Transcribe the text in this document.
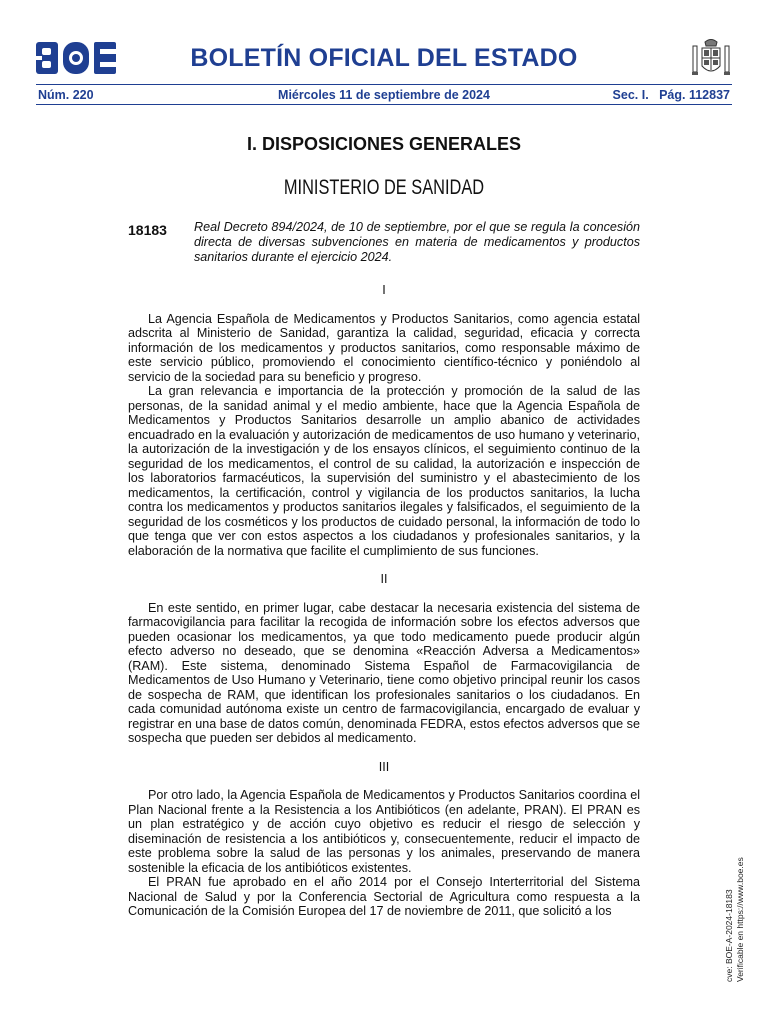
BOLETÍN OFICIAL DEL ESTADO
Núm. 220	Miércoles 11 de septiembre de 2024	Sec. I.   Pág. 112837
I. DISPOSICIONES GENERALES
MINISTERIO DE SANIDAD
18183 Real Decreto 894/2024, de 10 de septiembre, por el que se regula la concesión directa de diversas subvenciones en materia de medicamentos y productos sanitarios durante el ejercicio 2024.
I

La Agencia Española de Medicamentos y Productos Sanitarios, como agencia estatal adscrita al Ministerio de Sanidad, garantiza la calidad, seguridad, eficacia y correcta información de los medicamentos y productos sanitarios, como responsable máximo de este servicio público, promoviendo el conocimiento científico-técnico y poniéndolo al servicio de la sociedad para su beneficio y progreso.

La gran relevancia e importancia de la protección y promoción de la salud de las personas, de la sanidad animal y el medio ambiente, hace que la Agencia Española de Medicamentos y Productos Sanitarios desarrolle un amplio abanico de actividades encuadrado en la evaluación y autorización de medicamentos de uso humano y veterinario, la autorización de la investigación y de los ensayos clínicos, el seguimiento continuo de la seguridad de los medicamentos, el control de su calidad, la autorización e inspección de los laboratorios farmacéuticos, la supervisión del suministro y el abastecimiento de los medicamentos, la certificación, control y vigilancia de los productos sanitarios, la lucha contra los medicamentos y productos sanitarios ilegales y falsificados, el seguimiento de la seguridad de los cosméticos y los productos de cuidado personal, la información de todo lo que tenga que ver con estos aspectos a los ciudadanos y profesionales sanitarios, y la elaboración de la normativa que facilite el cumplimiento de sus funciones.

II

En este sentido, en primer lugar, cabe destacar la necesaria existencia del sistema de farmacovigilancia para facilitar la recogida de información sobre los efectos adversos que pueden ocasionar los medicamentos, ya que todo medicamento puede producir algún efecto adverso no deseado, que se denomina «Reacción Adversa a Medicamentos» (RAM). Este sistema, denominado Sistema Español de Farmacovigilancia de Medicamentos de Uso Humano y Veterinario, tiene como objetivo principal reunir los casos de sospecha de RAM, que identifican los profesionales sanitarios o los ciudadanos. En cada comunidad autónoma existe un centro de farmacovigilancia, encargado de evaluar y registrar en una base de datos común, denominada FEDRA, estos efectos adversos que se sospecha que pueden ser debidos al medicamento.

III

Por otro lado, la Agencia Española de Medicamentos y Productos Sanitarios coordina el Plan Nacional frente a la Resistencia a los Antibióticos (en adelante, PRAN). El PRAN es un plan estratégico y de acción cuyo objetivo es reducir el riesgo de selección y diseminación de resistencia a los antibióticos y, consecuentemente, reducir el impacto de este problema sobre la salud de las personas y los animales, preservando de manera sostenible la eficacia de los antibióticos existentes.

El PRAN fue aprobado en el año 2014 por el Consejo Interterritorial del Sistema Nacional de Salud y por la Conferencia Sectorial de Agricultura como respuesta a la Comunicación de la Comisión Europea del 17 de noviembre de 2011, que solicitó a los	cve: BOE-A-2024-18183 Verificable en https://www.boe.es
